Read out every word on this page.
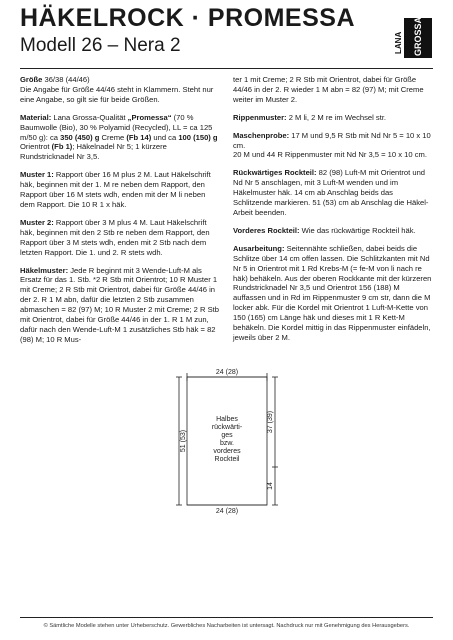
HÄKELROCK · PROMESSA
Modell 26 – Nera 2	LANA GROSSA

Größe 36/38 (44/46)
Die Angabe für Größe 44/46 steht in Klammern. Steht nur eine Angabe, so gilt sie für beide Größen.

Material: Lana Grossa-Qualität „Promessa“ (70 % Baumwolle (Bio), 30 % Polyamid (Recycled), LL = ca 125 m/50 g): ca 350 (450) g Creme (Fb 14) und ca 100 (150) g Orientrot (Fb 1); Häkelnadel Nr 5; 1 kürzere Rundstricknadel Nr 3,5.

Muster 1: Rapport über 16 M plus 2 M. Laut Häkelschrift häk, beginnen mit der 1. M re neben dem Rapport, den Rapport über 16 M stets wdh, enden mit der M li neben dem Rapport. Die 10 R 1 x häk.

Muster 2: Rapport über 3 M plus 4 M. Laut Häkelschrift häk, beginnen mit den 2 Stb re neben dem Rapport, den Rapport über 3 M stets wdh, enden mit 2 Stb nach dem letzten Rapport. Die 1. und 2. R stets wdh.

Häkelmuster: Jede R beginnt mit 3 Wende-Luft-M als Ersatz für das 1. Stb. *2 R Stb mit Orientrot; 10 R Muster 1 mit Creme; 2 R Stb mit Orientrot, dabei für Größe 44/46 in der 2. R 1 M abn, dafür die letzten 2 Stb zusammen abmaschen = 82 (97) M; 10 R Muster 2 mit Creme; 2 R Stb mit Orientrot, dabei für Größe 44/46 in der 1. R 1 M zun, dafür nach den Wende-Luft-M 1 zusätzliches Stb häk = 82 (98) M; 10 R Mus-

ter 1 mit Creme; 2 R Stb mit Orientrot, dabei für Größe 44/46 in der 2. R wieder 1 M abn = 82 (97) M; mit Creme weiter im Muster 2.

Rippenmuster: 2 M li, 2 M re im Wechsel str.

Maschenprobe: 17 M und 9,5 R Stb mit Nd Nr 5 = 10 x 10 cm.
20 M und 44 R Rippenmuster mit Nd Nr 3,5 = 10 x 10 cm.

Rückwärtiges Rockteil: 82 (98) Luft-M mit Orientrot und Nd Nr 5 anschlagen, mit 3 Luft-M wenden und im Häkelmuster häk. 14 cm ab Anschlag beids das Schlitzende markieren. 51 (53) cm ab Anschlag die Häkel-Arbeit beenden.

Vorderes Rockteil: Wie das rückwärtige Rockteil häk.

Ausarbeitung: Seitennähte schließen, dabei beids die Schlitze über 14 cm offen lassen. Die Schlitzkanten mit Nd Nr 5 in Orientrot mit 1 Rd Krebs-M (= fe-M von li nach re häk) behäkeln. Aus der oberen Rockkante mit der kürzeren Rundstricknadel Nr 3,5 und Orientrot 156 (188) M auffassen und in Rd im Rippenmuster 9 cm str, dann die M locker abk. Für die Kordel mit Orientrot 1 Luft-M-Kette von 150 (165) cm Länge häk und dieses mit 1 R Kett-M behäkeln. Die Kordel mittig in das Rippenmuster einfädeln, jeweils über 2 M.

24 (28)
24 (28)
51 (53)
37 (39)
14
Halbes
rückwärti-
ges
bzw.
vorderes
Rockteil
© Sämtliche Modelle stehen unter Urheberschutz. Gewerbliches Nacharbeiten ist untersagt. Nachdruck nur mit Genehmigung des Herausgebers.
